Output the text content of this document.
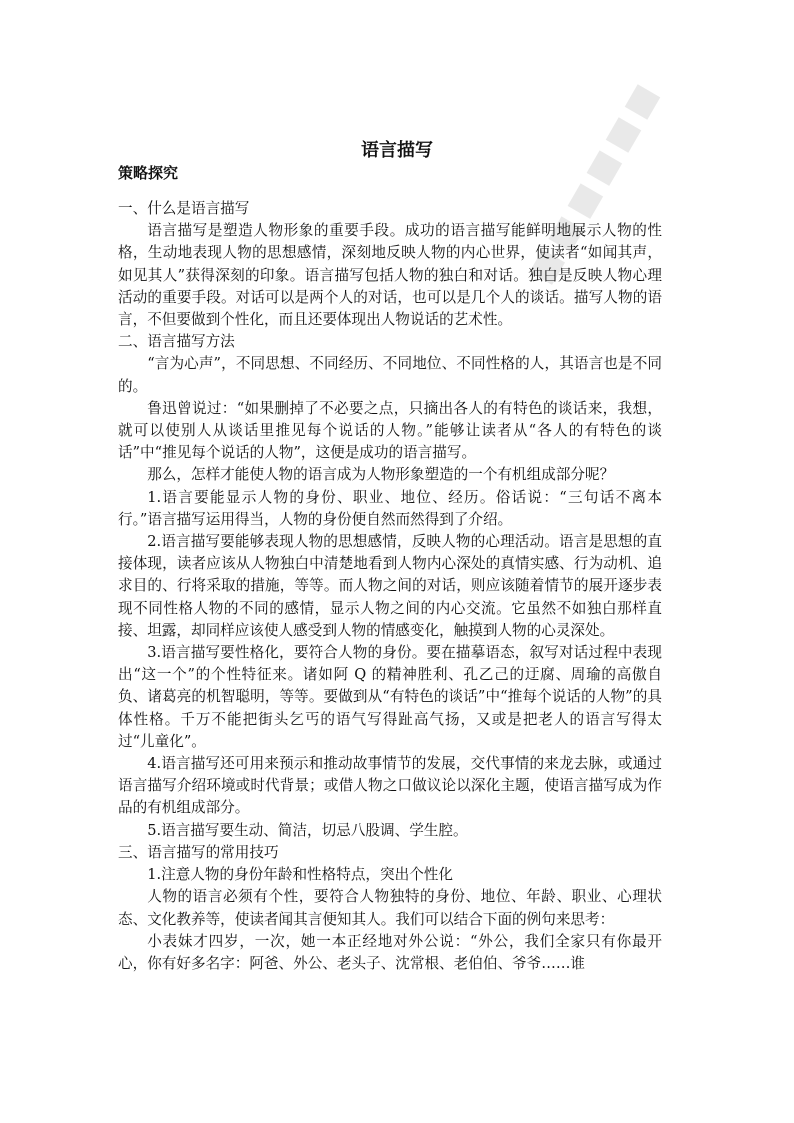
■■■■■■
语言描写
策略探究

一、什么是语言描写

语言描写是塑造人物形象的重要手段。成功的语言描写能鲜明地展示人物的性格，生动地表现人物的思想感情，深刻地反映人物的内心世界，使读者“如闻其声，如见其人”获得深刻的印象。语言描写包括人物的独白和对话。独白是反映人物心理活动的重要手段。对话可以是两个人的对话，也可以是几个人的谈话。描写人物的语言，不但要做到个性化，而且还要体现出人物说话的艺术性。

二、语言描写方法

“言为心声”，不同思想、不同经历、不同地位、不同性格的人，其语言也是不同的。

鲁迅曾说过：“如果删掉了不必要之点，只摘出各人的有特色的谈话来，我想，就可以使别人从谈话里推见每个说话的人物。”能够让读者从“各人的有特色的谈话”中“推见每个说话的人物”，这便是成功的语言描写。

那么，怎样才能使人物的语言成为人物形象塑造的一个有机组成部分呢？

1.语言要能显示人物的身份、职业、地位、经历。俗话说：“三句话不离本行。”语言描写运用得当，人物的身份便自然而然得到了介绍。

2.语言描写要能够表现人物的思想感情，反映人物的心理活动。语言是思想的直接体现，读者应该从人物独白中清楚地看到人物内心深处的真情实感、行为动机、追求目的、行将采取的措施，等等。而人物之间的对话，则应该随着情节的展开逐步表现不同性格人物的不同的感情，显示人物之间的内心交流。它虽然不如独白那样直接、坦露，却同样应该使人感受到人物的情感变化，触摸到人物的心灵深处。

3.语言描写要性格化，要符合人物的身份。要在描摹语态，叙写对话过程中表现出“这一个”的个性特征来。诸如阿 Q 的精神胜利、孔乙己的迂腐、周瑜的高傲自负、诸葛亮的机智聪明，等等。要做到从“有特色的谈话”中“推每个说话的人物”的具体性格。千万不能把街头乞丐的语气写得趾高气扬，又或是把老人的语言写得太过“儿童化”。

4.语言描写还可用来预示和推动故事情节的发展，交代事情的来龙去脉，或通过语言描写介绍环境或时代背景；或借人物之口做议论以深化主题，使语言描写成为作品的有机组成部分。

5.语言描写要生动、简洁，切忌八股调、学生腔。

三、语言描写的常用技巧

1.注意人物的身份年龄和性格特点，突出个性化

人物的语言必须有个性，要符合人物独特的身份、地位、年龄、职业、心理状态、文化教养等，使读者闻其言便知其人。我们可以结合下面的例句来思考：

小表妹才四岁，一次，她一本正经地对外公说：“外公，我们全家只有你最开心，你有好多名字：阿爸、外公、老头子、沈常根、老伯伯、爷爷……谁
